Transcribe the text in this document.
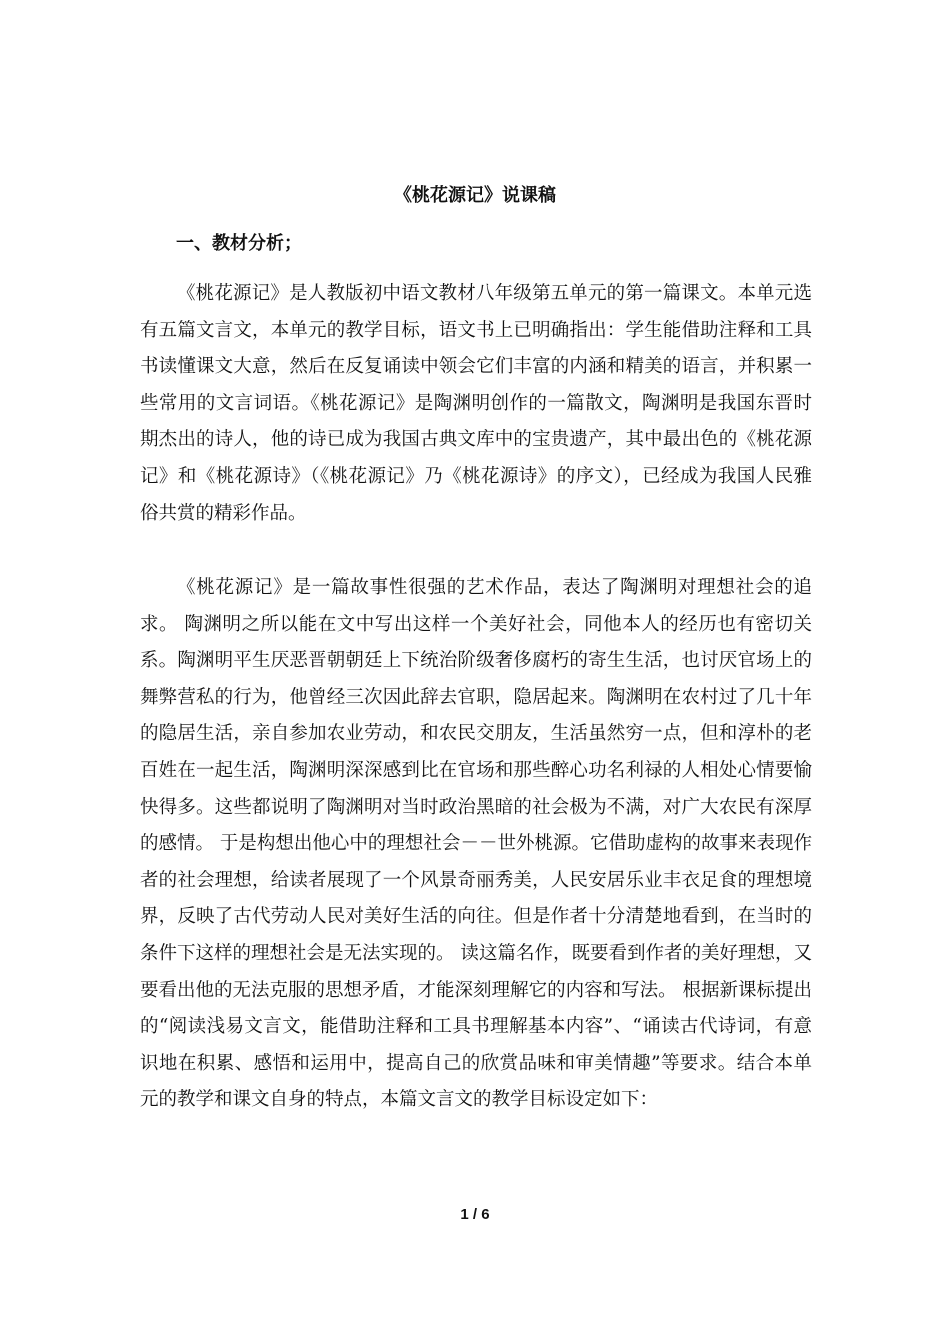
《桃花源记》说课稿
一、教材分析；

《桃花源记》是人教版初中语文教材八年级第五单元的第一篇课文。本单元选有五篇文言文，本单元的教学目标，语文书上已明确指出：学生能借助注释和工具书读懂课文大意，然后在反复诵读中领会它们丰富的内涵和精美的语言，并积累一些常用的文言词语。《桃花源记》是陶渊明创作的一篇散文，陶渊明是我国东晋时期杰出的诗人，他的诗已成为我国古典文库中的宝贵遗产，其中最出色的《桃花源记》和《桃花源诗》（《桃花源记》乃《桃花源诗》的序文），已经成为我国人民雅俗共赏的精彩作品。

《桃花源记》是一篇故事性很强的艺术作品，表达了陶渊明对理想社会的追求。 陶渊明之所以能在文中写出这样一个美好社会，同他本人的经历也有密切关系。陶渊明平生厌恶晋朝朝廷上下统治阶级奢侈腐朽的寄生生活，也讨厌官场上的舞弊营私的行为，他曾经三次因此辞去官职，隐居起来。陶渊明在农村过了几十年的隐居生活，亲自参加农业劳动，和农民交朋友，生活虽然穷一点，但和淳朴的老百姓在一起生活，陶渊明深深感到比在官场和那些醉心功名利禄的人相处心情要愉快得多。这些都说明了陶渊明对当时政治黑暗的社会极为不满，对广大农民有深厚的感情。 于是构想出他心中的理想社会－－世外桃源。它借助虚构的故事来表现作者的社会理想，给读者展现了一个风景奇丽秀美，人民安居乐业丰衣足食的理想境界，反映了古代劳动人民对美好生活的向往。但是作者十分清楚地看到，在当时的条件下这样的理想社会是无法实现的。 读这篇名作，既要看到作者的美好理想，又要看出他的无法克服的思想矛盾，才能深刻理解它的内容和写法。 根据新课标提出的“阅读浅易文言文，能借助注释和工具书理解基本内容”、“诵读古代诗词，有意识地在积累、感悟和运用中，提高自己的欣赏品味和审美情趣”等要求。结合本单元的教学和课文自身的特点，本篇文言文的教学目标设定如下：

1 / 6
